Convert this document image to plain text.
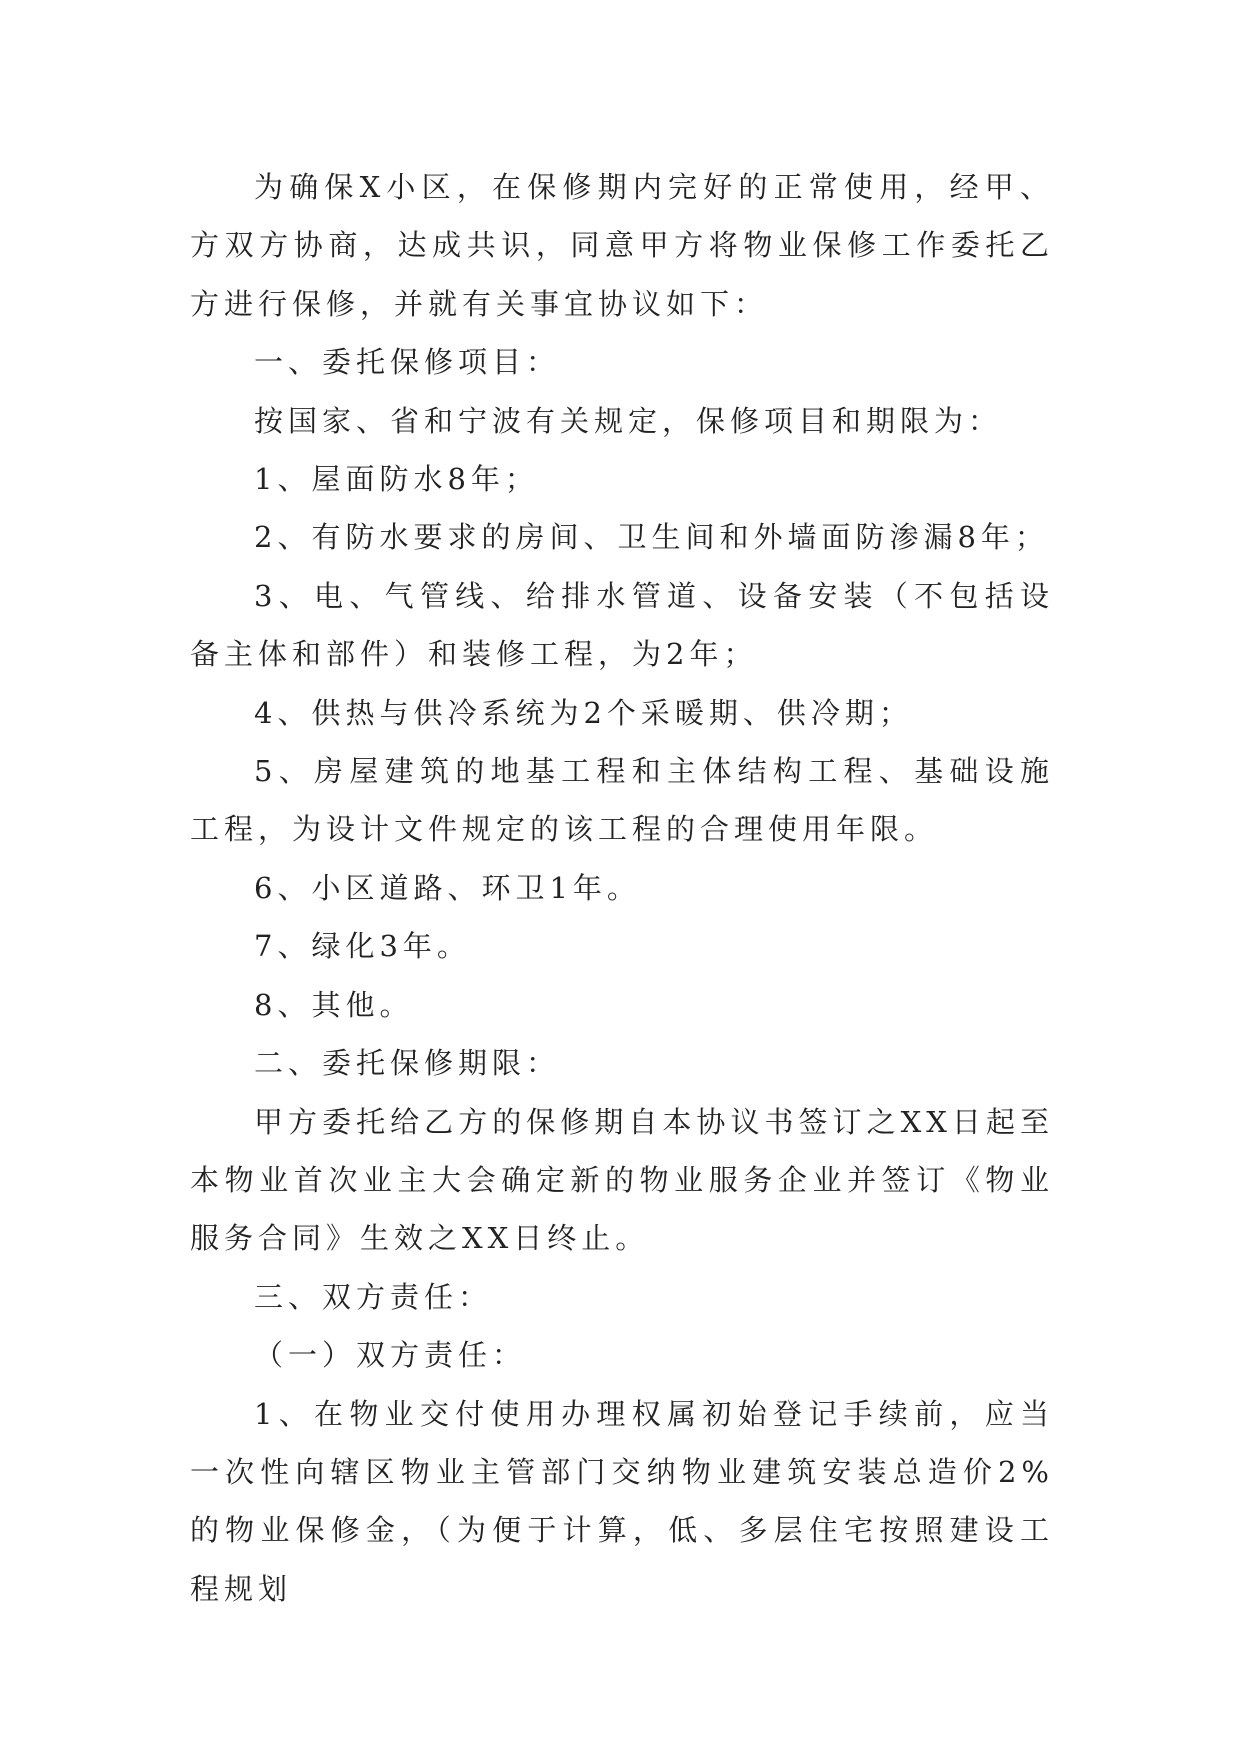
为确保X小区，在保修期内完好的正常使用，经甲、方双方协商，达成共识，同意甲方将物业保修工作委托乙方进行保修，并就有关事宜协议如下：

一、委托保修项目：

按国家、省和宁波有关规定，保修项目和期限为：

1、屋面防水8年；

2、有防水要求的房间、卫生间和外墙面防渗漏8年；

3、电、气管线、给排水管道、设备安装（不包括设备主体和部件）和装修工程，为2年；

4、供热与供冷系统为2个采暖期、供冷期；

5、房屋建筑的地基工程和主体结构工程、基础设施工程，为设计文件规定的该工程的合理使用年限。

6、小区道路、环卫1年。

7、绿化3年。

8、其他。

二、委托保修期限：

甲方委托给乙方的保修期自本协议书签订之XX日起至本物业首次业主大会确定新的物业服务企业并签订《物业服务合同》生效之XX日终止。

三、双方责任：

（一）双方责任：

1、在物业交付使用办理权属初始登记手续前，应当一次性向辖区物业主管部门交纳物业建筑安装总造价2%的物业保修金，（为便于计算，低、多层住宅按照建设工程规划
